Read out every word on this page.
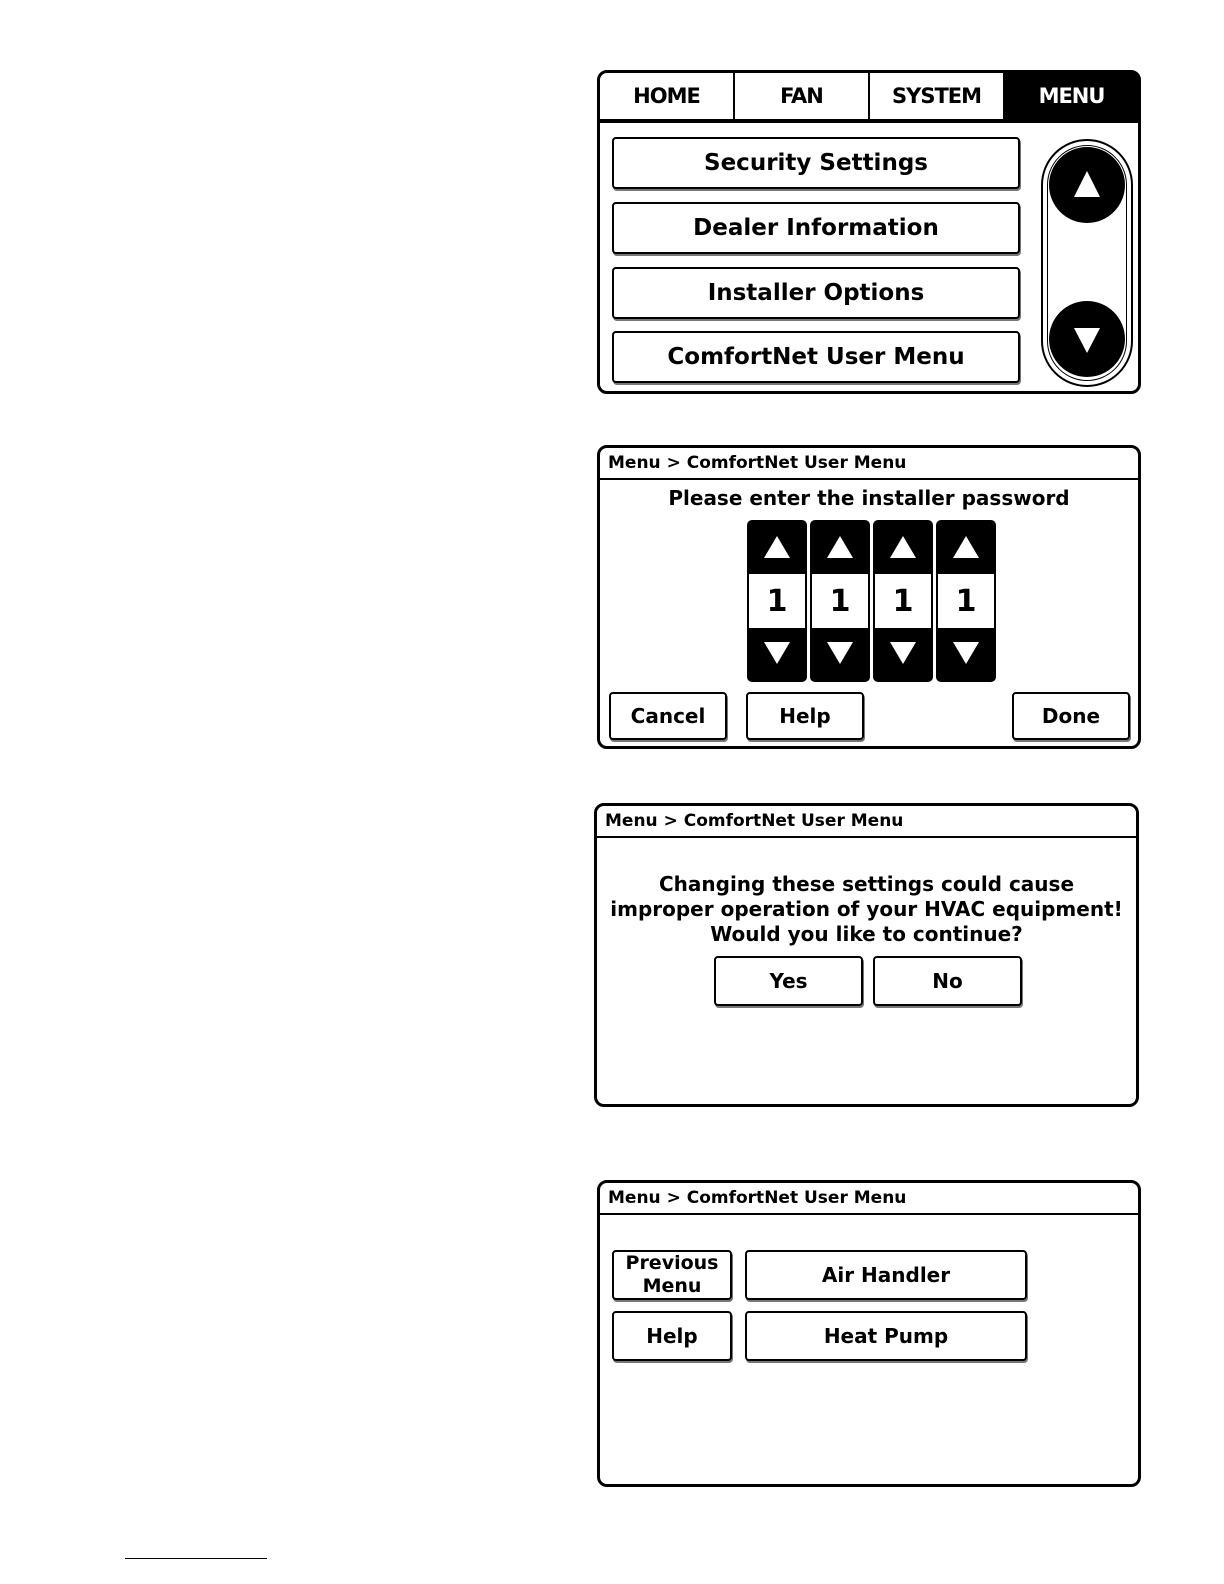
HOME	FAN	SYSTEM	MENU
Security Settings
Dealer Information
Installer Options
ComfortNet User Menu
Menu > ComfortNet User Menu
Please enter the installer password
1	1	1	1
Cancel	Help	Done
Menu > ComfortNet User Menu
Changing these settings could cause improper operation of your HVAC equipment! Would you like to continue?
Yes	No
Menu > ComfortNet User Menu
Previous
Menu
Help
Air Handler
Heat Pump
